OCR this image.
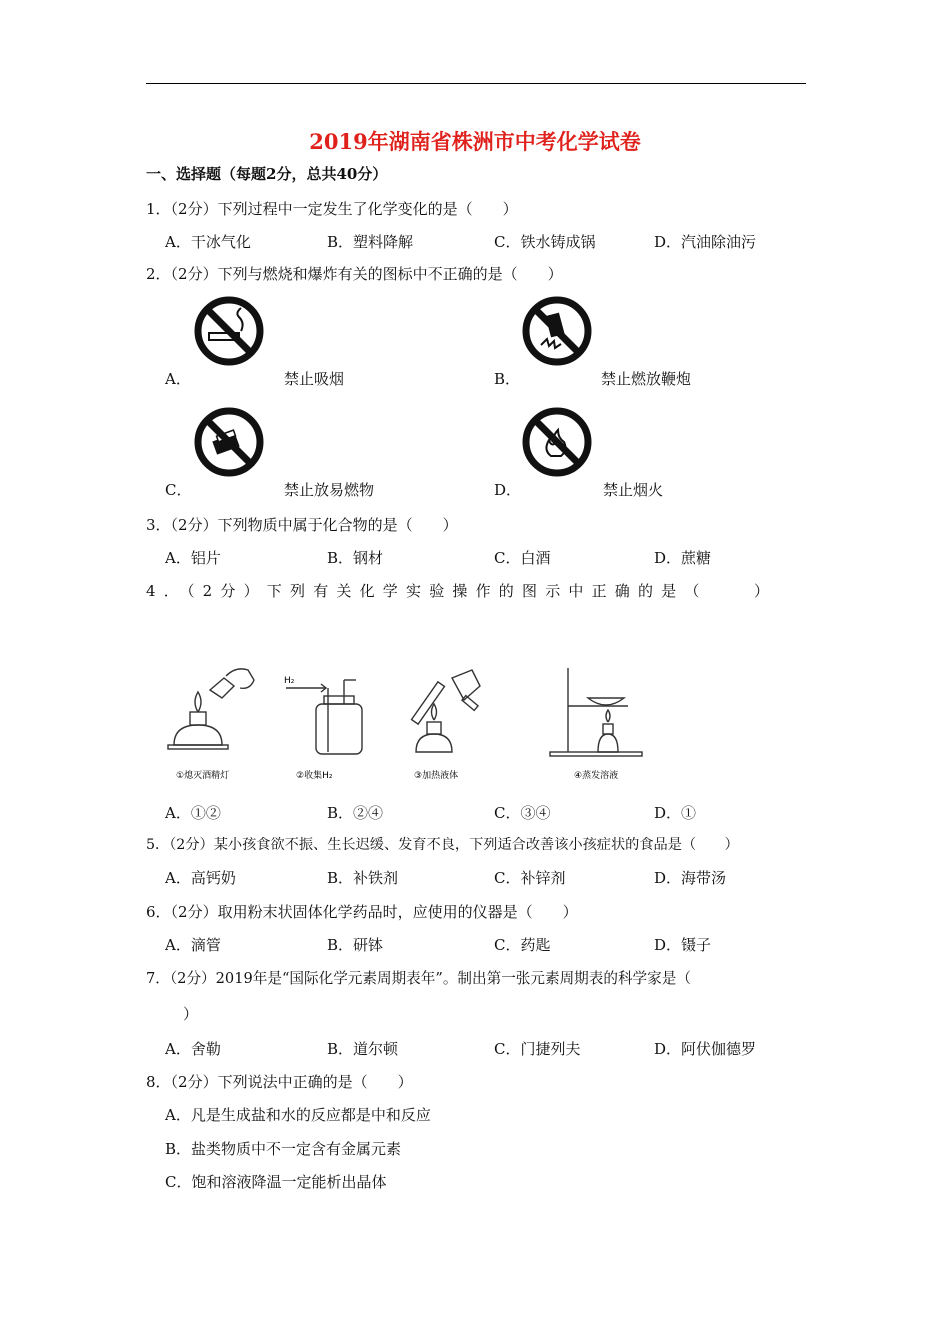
2019年湖南省株洲市中考化学试卷
一、选择题（每题2分，总共40分）
1．（2分）下列过程中一定发生了化学变化的是（　　）
A．干冰气化	B．塑料降解	C．铁水铸成锅	D．汽油除油污
2．（2分）下列与燃烧和爆炸有关的图标中不正确的是（　　）
A．	禁止吸烟	B．	禁止燃放鞭炮
C．	禁止放易燃物	D．	禁止烟火
3．（2分）下列物质中属于化合物的是（　　）
A．铝片	B．钢材	C．白酒	D．蔗糖
4．（2分）下列有关化学实验操作的图示中正确的是（　　）
H₂
①熄灭酒精灯	②收集H₂	③加热液体	④蒸发溶液
A．①②	B．②④	C．③④	D．①
5．（2分）某小孩食欲不振、生长迟缓、发育不良，下列适合改善该小孩症状的食品是（　　）
A．高钙奶	B．补铁剂	C．补锌剂	D．海带汤
6．（2分）取用粉末状固体化学药品时，应使用的仪器是（　　）
A．滴管	B．研钵	C．药匙	D．镊子
7．（2分）2019年是“国际化学元素周期表年”。制出第一张元素周期表的科学家是（
）
A．舍勒	B．道尔顿	C．门捷列夫	D．阿伏伽德罗
8．（2分）下列说法中正确的是（　　）
A．凡是生成盐和水的反应都是中和反应
B．盐类物质中不一定含有金属元素
C．饱和溶液降温一定能析出晶体
